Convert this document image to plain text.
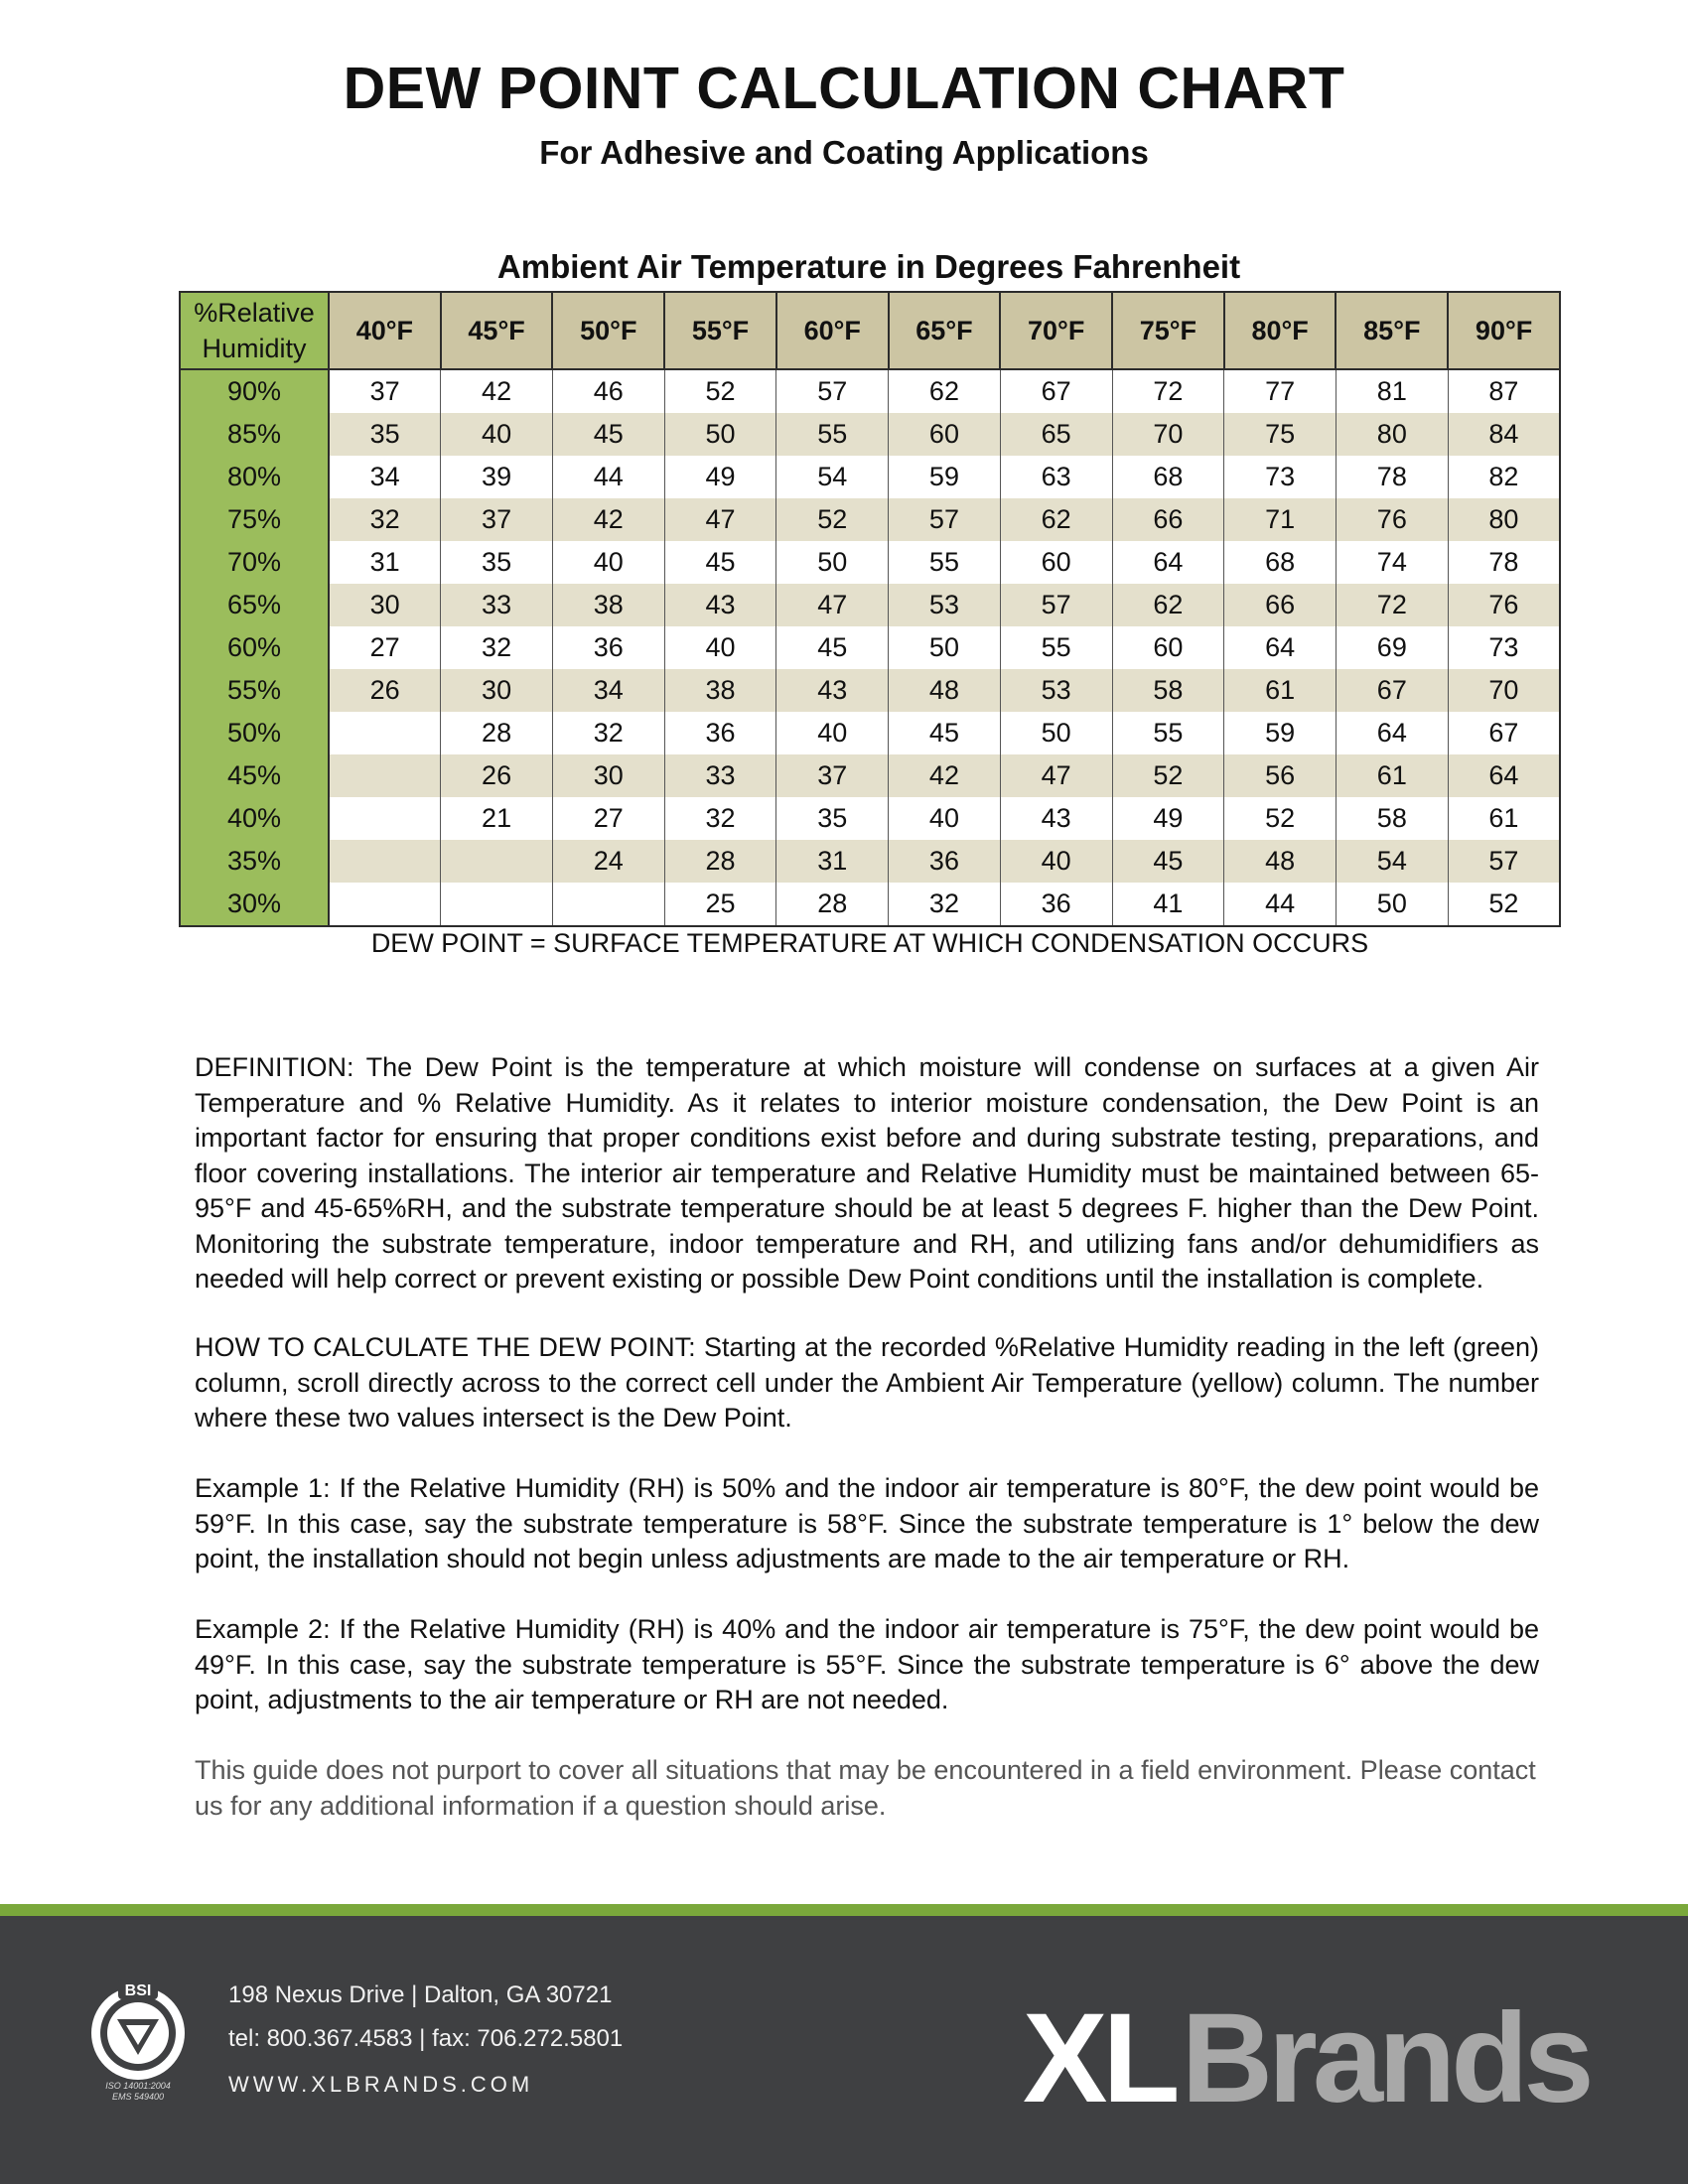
DEW POINT CALCULATION CHART
For Adhesive and Coating Applications
Ambient Air Temperature in Degrees Fahrenheit
%Relative Humidity	40°F	45°F	50°F	55°F	60°F	65°F	70°F	75°F	80°F	85°F	90°F
90%	37	42	46	52	57	62	67	72	77	81	87
85%	35	40	45	50	55	60	65	70	75	80	84
80%	34	39	44	49	54	59	63	68	73	78	82
75%	32	37	42	47	52	57	62	66	71	76	80
70%	31	35	40	45	50	55	60	64	68	74	78
65%	30	33	38	43	47	53	57	62	66	72	76
60%	27	32	36	40	45	50	55	60	64	69	73
55%	26	30	34	38	43	48	53	58	61	67	70
50%		28	32	36	40	45	50	55	59	64	67
45%		26	30	33	37	42	47	52	56	61	64
40%		21	27	32	35	40	43	49	52	58	61
35%			24	28	31	36	40	45	48	54	57
30%				25	28	32	36	41	44	50	52
DEW POINT = SURFACE TEMPERATURE AT WHICH CONDENSATION OCCURS
DEFINITION: The Dew Point is the temperature at which moisture will condense on surfaces at a given Air Temperature and % Relative Humidity. As it relates to interior moisture condensation, the Dew Point is an important factor for ensuring that proper conditions exist before and during substrate testing, preparations, and floor covering installations. The interior air temperature and Relative Humidity must be maintained between 65-95°F and 45-65%RH, and the substrate temperature should be at least 5 degrees F. higher than the Dew Point. Monitoring the substrate temperature, indoor temperature and RH, and utilizing fans and/or dehumidifiers as needed will help correct or prevent existing or possible Dew Point conditions until the installation is complete.
HOW TO CALCULATE THE DEW POINT: Starting at the recorded %Relative Humidity reading in the left (green) column, scroll directly across to the correct cell under the Ambient Air Temperature (yellow) column. The number where these two values intersect is the Dew Point.
Example 1: If the Relative Humidity (RH) is 50% and the indoor air temperature is 80°F, the dew point would be 59°F. In this case, say the substrate temperature is 58°F. Since the substrate temperature is 1° below the dew point, the installation should not begin unless adjustments are made to the air temperature or RH.
Example 2: If the Relative Humidity (RH) is 40% and the indoor air temperature is 75°F, the dew point would be 49°F. In this case, say the substrate temperature is 55°F. Since the substrate temperature is 6° above the dew point, adjustments to the air temperature or RH are not needed.
This guide does not purport to cover all situations that may be encountered in a field environment. Please contact us for any additional information if a question should arise.
BSI
ISO 14001:2004
EMS 549400
198 Nexus Drive | Dalton, GA 30721
tel: 800.367.4583 | fax: 706.272.5801
WWW.XLBRANDS.COM	XLBrands
